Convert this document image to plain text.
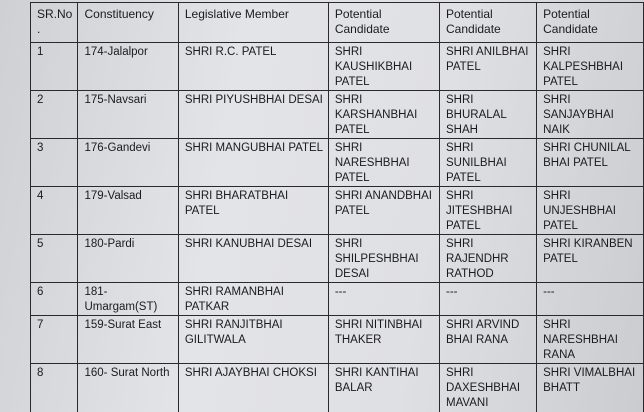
SR.No.	Constituency	Legislative Member	Potential Candidate	Potential Candidate	Potential Candidate
1	174-Jalalpor	SHRI R.C. PATEL	SHRI KAUSHIKBHAI PATEL	SHRI ANILBHAI PATEL	SHRI KALPESHBHAI PATEL
2	175-Navsari	SHRI PIYUSHBHAI DESAI	SHRI KARSHANBHAI PATEL	SHRI BHURALAL SHAH	SHRI SANJAYBHAI NAIK
3	176-Gandevi	SHRI MANGUBHAI PATEL	SHRI NARESHBHAI PATEL	SHRI SUNILBHAI PATEL	SHRI CHUNILAL BHAI PATEL
4	179-Valsad	SHRI BHARATBHAI PATEL	SHRI ANANDBHAI PATEL	SHRI JITESHBHAI PATEL	SHRI UNJESHBHAI PATEL
5	180-Pardi	SHRI KANUBHAI DESAI	SHRI SHILPESHBHAI DESAI	SHRI RAJENDHR RATHOD	SHRI KIRANBEN PATEL
6	181- Umargam(ST)	SHRI RAMANBHAI PATKAR	---	---	---
7	159-Surat East	SHRI RANJITBHAI GILITWALA	SHRI NITINBHAI THAKER	SHRI ARVIND BHAI RANA	SHRI NARESHBHAI RANA
8	160- Surat North	SHRI AJAYBHAI CHOKSI	SHRI KANTIHAI BALAR	SHRI DAXESHBHAI MAVANI	SHRI VIMALBHAI BHATT
